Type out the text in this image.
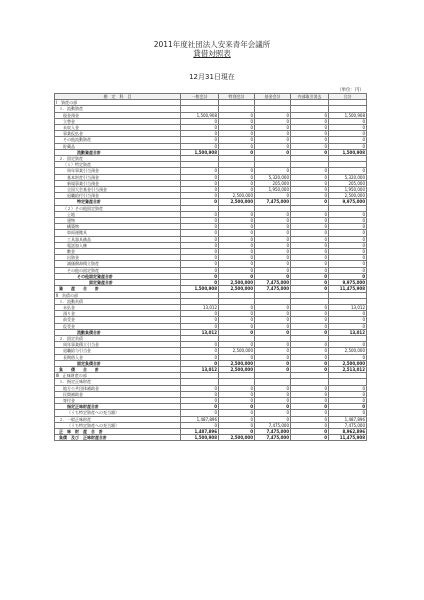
2011年度社団法人安来青年会議所
貸借対照表
12月31日現在
（単位：円）
勘　定　科　目	一般会計	特別会計	基金会計	内部取引消去	合計
Ⅰ　資産の部					
１．流動資産					
現金預金	1,500,908	0	0	0	1,500,908
立替金	0	0	0	0	0
未収入金	0	0	0	0	0
事業仮払金	0	0	0	0	0
その他流動資産	0	0	0	0	0
貯蔵品	0	0	0	0	0
流動資産合計	1,500,908	0	0	0	1,500,908
２．固定資産					
（１）特定資産					
周年事業引当預金	0	0	0	0	0
基本財産引当預金	0	0	5,320,000	0	5,320,000
新規事業引当預金	0	0	205,000	0	205,000
全国大会基金引当預金	0	0	1,950,000	0	1,950,000
退職給付引当預金	0	2,500,000	0	0	2,500,000
特定資産合計	0	2,500,000	7,475,000	0	9,975,000
（２）その他固定資産					
土地	0	0	0	0	0
建物	0	0	0	0	0
構築物	0	0	0	0	0
車両運搬具	0	0	0	0	0
工具器具備品	0	0	0	0	0
電話加入権	0	0	0	0	0
敷金	0	0	0	0	0
出資金	0	0	0	0	0
減価償却積立資産	0	0	0	0	0
その他の固定資産	0	0	0	0	0
その他固定資産合計	0	0	0	0	0
固定資産合計	0	2,500,000	7,475,000	0	9,975,000
資　　産　　合　　計	1,500,908	2,500,000	7,475,000	0	11,475,908
Ⅱ　負債の部					
１．流動負債					
未払金	13,012	0	0	0	13,012
預り金	0	0	0	0	0
前受金	0	0	0	0	0
仮受金	0	0	0	0	0
流動負債合計	13,012	0	0	0	13,012
２．固定負債					
周年事業積立引当金	0	0	0	0	0
退職給与引当金	0	2,500,000	0	0	2,500,000
長期借入金	0	0	0	0	0
固定負債合計	0	2,500,000	0	0	2,500,000
負　　債　　合　　計	13,012	2,500,000	0	0	2,513,012
Ⅲ　正味財産の部					
１．指定正味財産					
地方公共団体補助金	0	0	0	0	0
民間補助金	0	0	0	0	0
寄付金	0	0	0	0	0
指定正味財産合計	0	0	0	0	0
（うち特定資産への充当額）	0	0	0	0	0
２．一般正味財産	1,487,896	0	0	0	1,487,896
（うち特定資産への充当額）	0	0	7,475,000	0	7,475,000
正　味　財　産　合　計	1,487,896	0	7,475,000	0	8,962,896
負債　及び　正味財産合計	1,500,908	2,500,000	7,475,000	0	11,475,908
